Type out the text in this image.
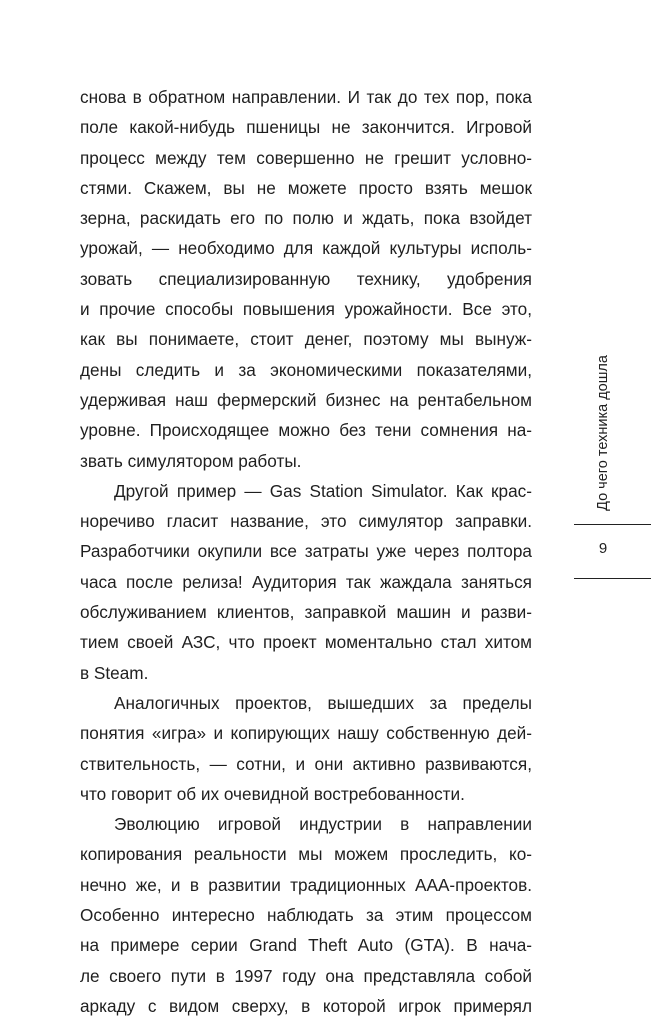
снова в обратном направлении. И так до тех пор, пока
поле какой-нибудь пшеницы не закончится. Игровой
процесс между тем совершенно не грешит условно-
стями. Скажем, вы не можете просто взять мешок
зерна, раскидать его по полю и ждать, пока взойдет
урожай, — необходимо для каждой культуры исполь-
зовать специализированную технику, удобрения
и прочие способы повышения урожайности. Все это,
как вы понимаете, стоит денег, поэтому мы вынуж-
дены следить и за экономическими показателями,
удерживая наш фермерский бизнес на рентабельном
уровне. Происходящее можно без тени сомнения на-
звать симулятором работы.

Другой пример — Gas Station Simulator. Как крас-
норечиво гласит название, это симулятор заправки.
Разработчики окупили все затраты уже через полтора
часа после релиза! Аудитория так жаждала заняться
обслуживанием клиентов, заправкой машин и разви-
тием своей АЗС, что проект моментально стал хитом
в Steam.

Аналогичных проектов, вышедших за пределы
понятия «игра» и копирующих нашу собственную дей-
ствительность, — сотни, и они активно развиваются,
что говорит об их очевидной востребованности.

Эволюцию игровой индустрии в направлении
копирования реальности мы можем проследить, ко-
нечно же, и в развитии традиционных ААА-проектов.
Особенно интересно наблюдать за этим процессом
на примере серии Grand Theft Auto (GTA). В нача-
ле своего пути в 1997 году она представляла собой
аркаду с видом сверху, в которой игрок примерял

До чего техника дошла
9
